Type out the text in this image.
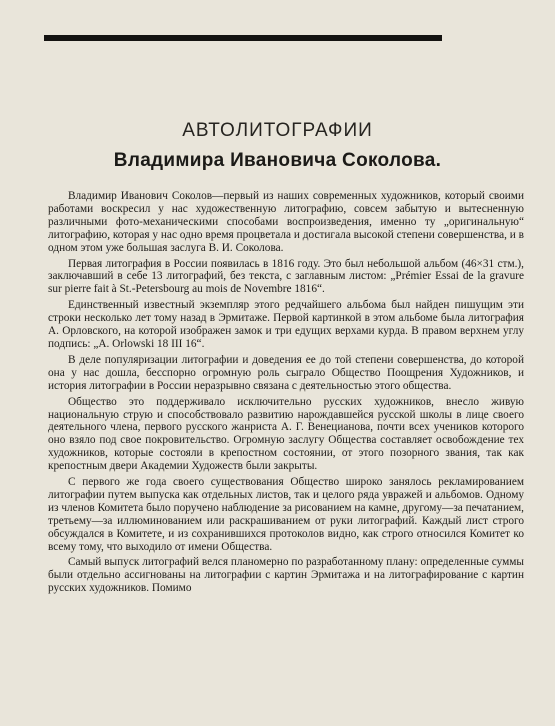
АВТОЛИТОГРАФИИ
Владимира Ивановича Соколова.

Владимир Иванович Соколов—первый из наших современных художников, который своими работами воскресил у нас художественную литографию, совсем забытую и вытесненную различными фото-механическими способами воспроизведения, именно ту „оригинальную“ литографию, которая у нас одно время процветала и достигала высокой степени совершенства, и в одном этом уже большая заслуга В. И. Соколова.

Первая литография в России появилась в 1816 году. Это был небольшой альбом (46×31 стм.), заключавший в себе 13 литографий, без текста, с заглавным листом: „Prémier Essai de la gravure sur pierre fait à St.-Petersbourg au mois de Novembre 1816“.

Единственный известный экземпляр этого редчайшего альбома был найден пишущим эти строки несколько лет тому назад в Эрмитаже. Первой картинкой в этом альбоме была литография А. Орловского, на которой изображен замок и три едущих верхами курда. В правом верхнем углу подпись: „A. Orlowski 18 III 16“.

В деле популяризации литографии и доведения ее до той степени совершенства, до которой она у нас дошла, бесспорно огромную роль сыграло Общество Поощрения Художников, и история литографии в России неразрывно связана с деятельностью этого общества.

Общество это поддерживало исключительно русских художников, внесло живую национальную струю и способствовало развитию нарождавшейся русской школы в лице своего деятельного члена, первого русского жанриста А. Г. Венецианова, почти всех учеников которого оно взяло под свое покровительство. Огромную заслугу Общества составляет освобождение тех художников, которые состояли в крепостном состоянии, от этого позорного звания, так как крепостным двери Академии Художеств были закрыты.

С первого же года своего существования Общество широко занялось рекламированием литографии путем выпуска как отдельных листов, так и целого ряда увражей и альбомов. Одному из членов Комитета было поручено наблюдение за рисованием на камне, другому—за печатанием, третьему—за иллюминованием или раскрашиванием от руки литографий. Каждый лист строго обсуждался в Комитете, и из сохранившихся протоколов видно, как строго относился Комитет ко всему тому, что выходило от имени Общества.

Самый выпуск литографий велся планомерно по разработанному плану: определенные суммы были отдельно ассигнованы на литографии с картин Эрмитажа и на литографирование с картин русских художников. Помимо
